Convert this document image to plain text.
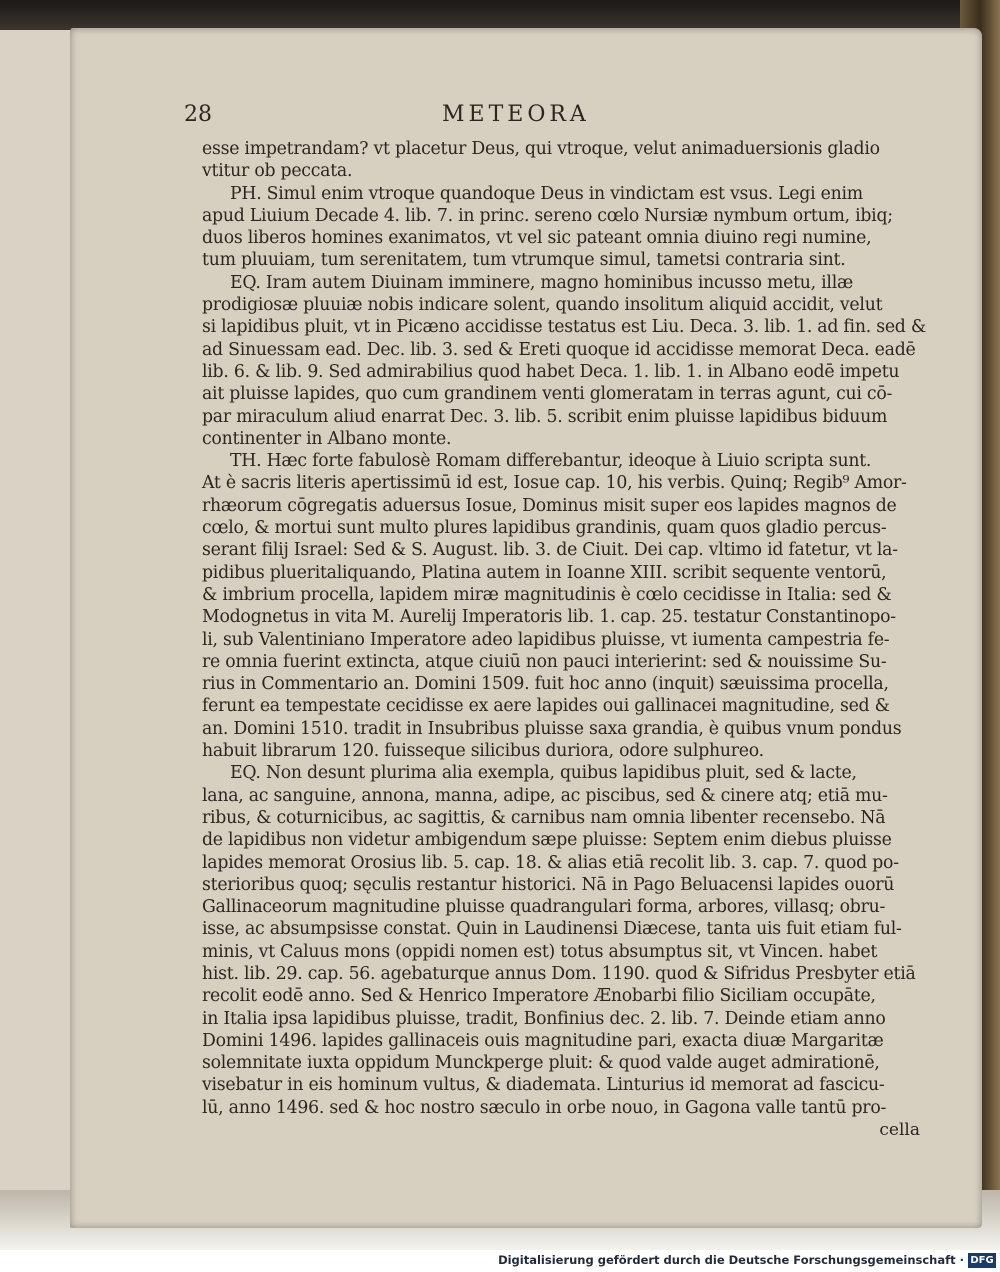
28	METEORA
esse impetrandam? vt placetur Deus, qui vtroque, velut animaduersionis gladio
vtitur ob peccata.
PH. Simul enim vtroque quandoque Deus in vindictam est vsus. Legi enim
apud Liuium Decade 4. lib. 7. in princ. sereno cœlo Nursiæ nymbum ortum, ibiq;
duos liberos homines exanimatos, vt vel sic pateant omnia diuino regi numine,
tum pluuiam, tum serenitatem, tum vtrumque simul, tametsi contraria sint.
EQ. Iram autem Diuinam imminere, magno hominibus incusso metu, illæ
prodigiosæ pluuiæ nobis indicare solent, quando insolitum aliquid accidit, velut
si lapidibus pluit, vt in Picæno accidisse testatus est Liu. Deca. 3. lib. 1. ad fin. sed &
ad Sinuessam ead. Dec. lib. 3. sed & Ereti quoque id accidisse memorat Deca. eadē
lib. 6. & lib. 9. Sed admirabilius quod habet Deca. 1. lib. 1. in Albano eodē impetu
ait pluisse lapides, quo cum grandinem venti glomeratam in terras agunt, cui cō-
par miraculum aliud enarrat Dec. 3. lib. 5. scribit enim pluisse lapidibus biduum
continenter in Albano monte.
TH. Hæc forte fabulosè Romam differebantur, ideoque à Liuio scripta sunt.
At è sacris literis apertissimū id est, Iosue cap. 10, his verbis. Quinq; Regib⁹ Amor-
rhæorum cōgregatis aduersus Iosue, Dominus misit super eos lapides magnos de
cœlo, & mortui sunt multo plures lapidibus grandinis, quam quos gladio percus-
serant filij Israel: Sed & S. August. lib. 3. de Ciuit. Dei cap. vltimo id fatetur, vt la-
pidibus plueritaliquando, Platina autem in Ioanne XIII. scribit sequente ventorū,
& imbrium procella, lapidem miræ magnitudinis è cœlo cecidisse in Italia: sed &
Modognetus in vita M. Aurelij Imperatoris lib. 1. cap. 25. testatur Constantinopo-
li, sub Valentiniano Imperatore adeo lapidibus pluisse, vt iumenta campestria fe-
re omnia fuerint extincta, atque ciuiū non pauci interierint: sed & nouissime Su-
rius in Commentario an. Domini 1509. fuit hoc anno (inquit) sæuissima procella,
ferunt ea tempestate cecidisse ex aere lapides oui gallinacei magnitudine, sed &
an. Domini 1510. tradit in Insubribus pluisse saxa grandia, è quibus vnum pondus
habuit librarum 120. fuisseque silicibus duriora, odore sulphureo.
EQ. Non desunt plurima alia exempla, quibus lapidibus pluit, sed & lacte,
lana, ac sanguine, annona, manna, adipe, ac piscibus, sed & cinere atq; etiā mu-
ribus, & coturnicibus, ac sagittis, & carnibus nam omnia libenter recensebo. Nā
de lapidibus non videtur ambigendum sæpe pluisse: Septem enim diebus pluisse
lapides memorat Orosius lib. 5. cap. 18. & alias etiā recolit lib. 3. cap. 7. quod po-
sterioribus quoq; sęculis restantur historici. Nā in Pago Beluacensi lapides ouorū
Gallinaceorum magnitudine pluisse quadrangulari forma, arbores, villasq; obru-
isse, ac absumpsisse constat. Quin in Laudinensi Diæcese, tanta uis fuit etiam ful-
minis, vt Caluus mons (oppidi nomen est) totus absumptus sit, vt Vincen. habet
hist. lib. 29. cap. 56. agebaturque annus Dom. 1190. quod & Sifridus Presbyter etiā
recolit eodē anno. Sed & Henrico Imperatore Ænobarbi filio Siciliam occupāte,
in Italia ipsa lapidibus pluisse, tradit, Bonfinius dec. 2. lib. 7. Deinde etiam anno
Domini 1496. lapides gallinaceis ouis magnitudine pari, exacta diuæ Margaritæ
solemnitate iuxta oppidum Munckperge pluit: & quod valde auget admirationē,
visebatur in eis hominum vultus, & diademata. Linturius id memorat ad fascicu-
lū, anno 1496. sed & hoc nostro sæculo in orbe nouo, in Gagona valle tantū pro-
cella
Digitalisierung gefördert durch die Deutsche Forschungsgemeinschaft · DFG
